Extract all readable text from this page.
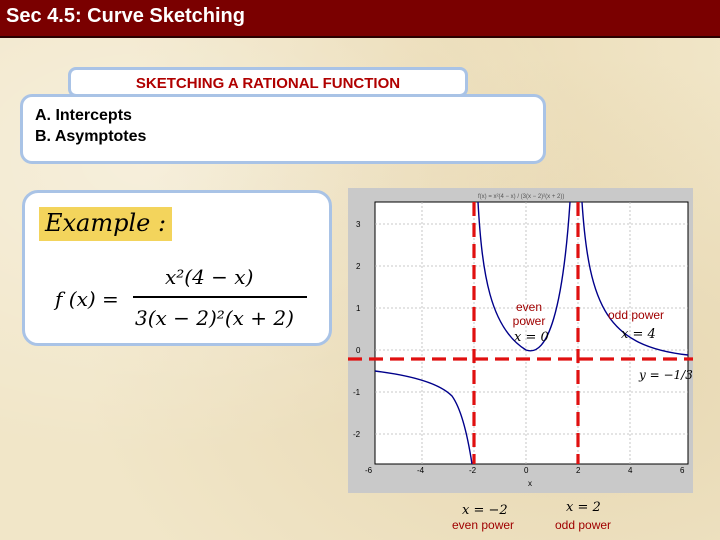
Sec 4.5: Curve Sketching
SKETCHING A RATIONAL FUNCTION
A. Intercepts
B. Asymptotes
Example :
f (x) =
x²(4 − x)
3(x − 2)²(x + 2)
3
2
1
0
-1
-2
-6	-4	-2	0	2	4	6
x
f(x) = x²(4 − x) / (3(x − 2)²(x + 2))
even
power
x = 0
odd power
x = 4
y = −1/3
x = −2
even power
x = 2
odd power
